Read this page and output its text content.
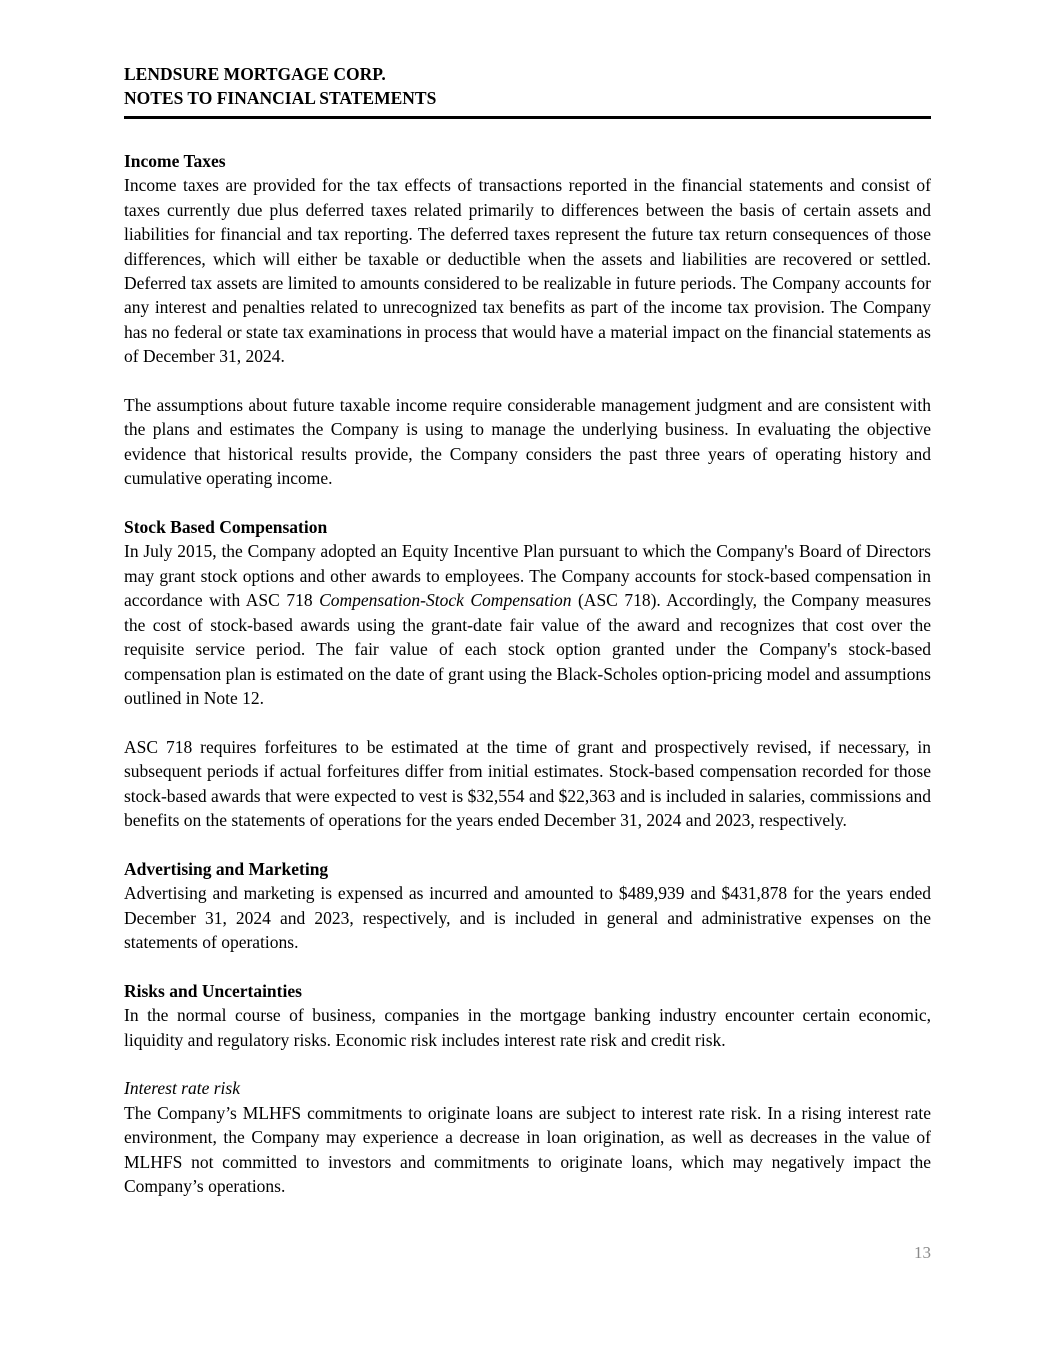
LENDSURE MORTGAGE CORP.

NOTES TO FINANCIAL STATEMENTS

Income Taxes

Income taxes are provided for the tax effects of transactions reported in the financial statements and consist of taxes currently due plus deferred taxes related primarily to differences between the basis of certain assets and liabilities for financial and tax reporting. The deferred taxes represent the future tax return consequences of those differences, which will either be taxable or deductible when the assets and liabilities are recovered or settled. Deferred tax assets are limited to amounts considered to be realizable in future periods. The Company accounts for any interest and penalties related to unrecognized tax benefits as part of the income tax provision. The Company has no federal or state tax examinations in process that would have a material impact on the financial statements as of December 31, 2024.

The assumptions about future taxable income require considerable management judgment and are consistent with the plans and estimates the Company is using to manage the underlying business. In evaluating the objective evidence that historical results provide, the Company considers the past three years of operating history and cumulative operating income.

Stock Based Compensation

In July 2015, the Company adopted an Equity Incentive Plan pursuant to which the Company's Board of Directors may grant stock options and other awards to employees. The Company accounts for stock-based compensation in accordance with ASC 718 Compensation-Stock Compensation (ASC 718). Accordingly, the Company measures the cost of stock-based awards using the grant-date fair value of the award and recognizes that cost over the requisite service period. The fair value of each stock option granted under the Company's stock-based compensation plan is estimated on the date of grant using the Black-Scholes option-pricing model and assumptions outlined in Note 12.

ASC 718 requires forfeitures to be estimated at the time of grant and prospectively revised, if necessary, in subsequent periods if actual forfeitures differ from initial estimates. Stock-based compensation recorded for those stock-based awards that were expected to vest is $32,554 and $22,363 and is included in salaries, commissions and benefits on the statements of operations for the years ended December 31, 2024 and 2023, respectively.

Advertising and Marketing

Advertising and marketing is expensed as incurred and amounted to $489,939 and $431,878 for the years ended December 31, 2024 and 2023, respectively, and is included in general and administrative expenses on the statements of operations.

Risks and Uncertainties

In the normal course of business, companies in the mortgage banking industry encounter certain economic, liquidity and regulatory risks. Economic risk includes interest rate risk and credit risk.

Interest rate risk

The Company’s MLHFS commitments to originate loans are subject to interest rate risk. In a rising interest rate environment, the Company may experience a decrease in loan origination, as well as decreases in the value of MLHFS not committed to investors and commitments to originate loans, which may negatively impact the Company’s operations.

13
